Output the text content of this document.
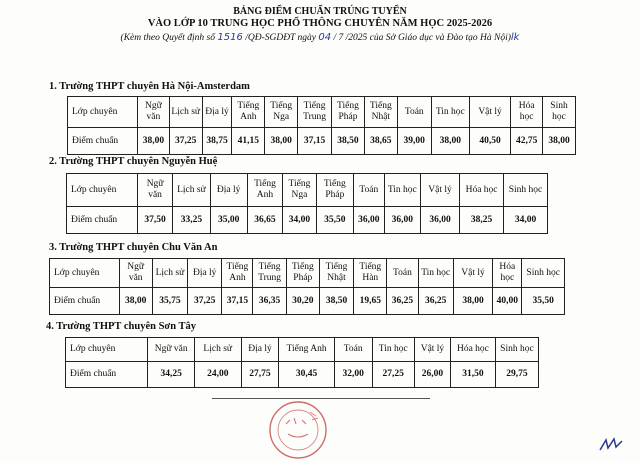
BẢNG ĐIỂM CHUẨN TRÚNG TUYỂN
VÀO LỚP 10 TRUNG HỌC PHỔ THÔNG CHUYÊN NĂM HỌC 2025-2026
(Kèm theo Quyết định số 1516 /QĐ-SGDĐT ngày 04 / 7 /2025 của Sở Giáo dục và Đào tạo Hà Nội)lk
1. Trường THPT chuyên Hà Nội-Amsterdam
Lớp chuyên	Ngữ văn	Lịch sử	Địa lý	Tiếng Anh	Tiếng Nga	Tiếng Trung	Tiếng Pháp	Tiếng Nhật	Toán	Tin học	Vật lý	Hóa học	Sinh học
Điểm chuẩn	38,00	37,25	38,75	41,15	38,00	37,15	38,50	38,65	39,00	38,00	40,50	42,75	38,00
2. Trường THPT chuyên Nguyễn Huệ
Lớp chuyên	Ngữ văn	Lịch sử	Địa lý	Tiếng Anh	Tiếng Nga	Tiếng Pháp	Toán	Tin học	Vật lý	Hóa học	Sinh học
Điểm chuẩn	37,50	33,25	35,00	36,65	34,00	35,50	36,00	36,00	36,00	38,25	34,00
3. Trường THPT chuyên Chu Văn An
Lớp chuyên	Ngữ văn	Lịch sử	Địa lý	Tiếng Anh	Tiếng Trung	Tiếng Pháp	Tiếng Nhật	Tiếng Hàn	Toán	Tin học	Vật lý	Hóa học	Sinh học
Điểm chuẩn	38,00	35,75	37,25	37,15	36,35	30,20	38,50	19,65	36,25	36,25	38,00	40,00	35,50
4. Trường THPT chuyên Sơn Tây
Lớp chuyên	Ngữ văn	Lịch sử	Địa lý	Tiếng Anh	Toán	Tin học	Vật lý	Hóa học	Sinh học
Điểm chuẩn	34,25	24,00	27,75	30,45	32,00	27,25	26,00	31,50	29,75
